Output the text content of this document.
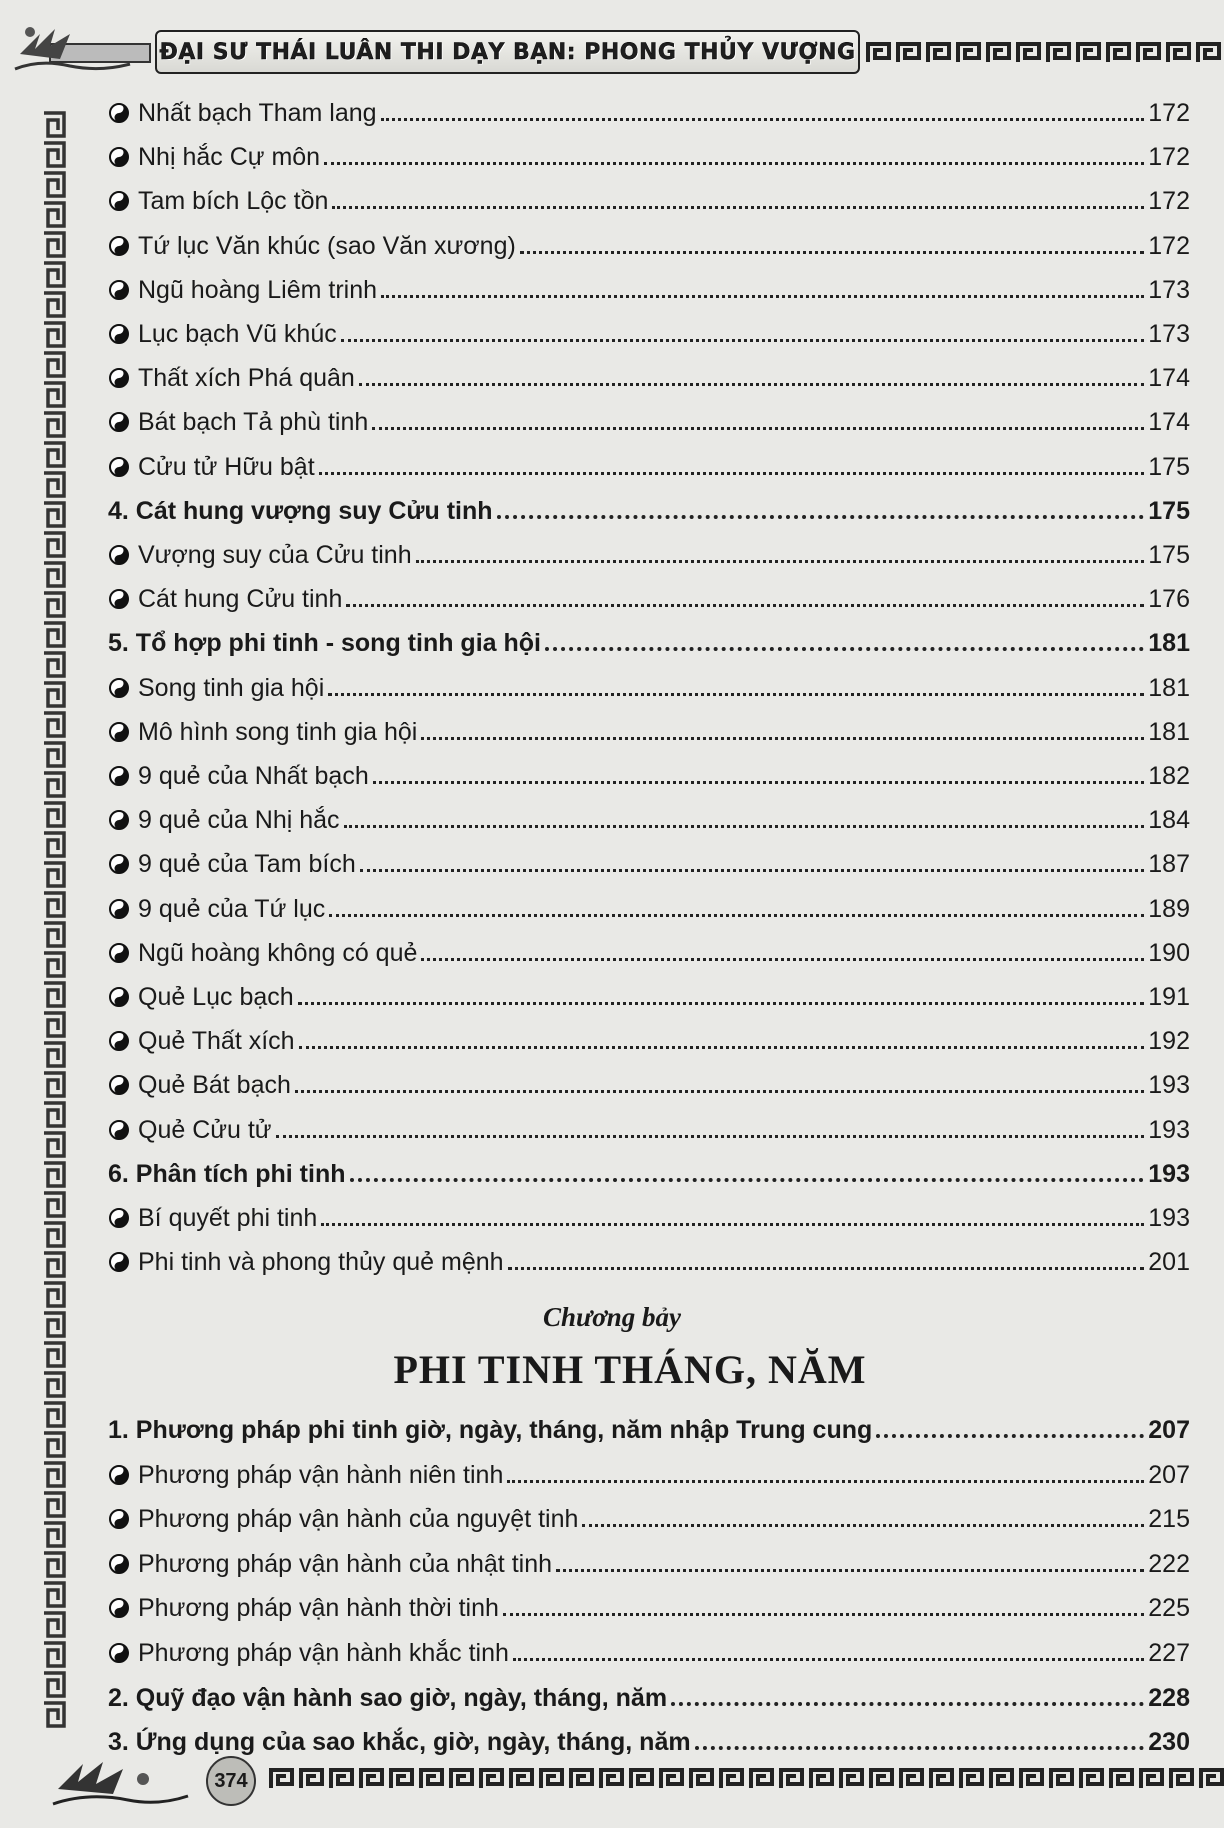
ĐẠI SƯ THÁI LUÂN THI DẠY BẠN: PHONG THỦY VƯỢNG
Nhất bạch Tham lang	172
Nhị hắc Cự môn	172
Tam bích Lộc tồn	172
Tứ lục Văn khúc (sao Văn xương)	172
Ngũ hoàng Liêm trinh	173
Lục bạch Vũ khúc	173
Thất xích Phá quân	174
Bát bạch Tả phù tinh	174
Cửu tử Hữu bật	175
4. Cát hung vượng suy Cửu tinh	175
Vượng suy của Cửu tinh	175
Cát hung Cửu tinh	176
5. Tổ hợp phi tinh - song tinh gia hội	181
Song tinh gia hội	181
Mô hình song tinh gia hội	181
9 quẻ của Nhất bạch	182
9 quẻ của Nhị hắc	184
9 quẻ của Tam bích	187
9 quẻ của Tứ lục	189
Ngũ hoàng không có quẻ	190
Quẻ Lục bạch	191
Quẻ Thất xích	192
Quẻ Bát bạch	193
Quẻ Cửu tử	193
6. Phân tích phi tinh	193
Bí quyết phi tinh	193
Phi tinh và phong thủy quẻ mệnh	201
Chương bảy
PHI TINH THÁNG, NĂM
1. Phương pháp phi tinh giờ, ngày, tháng, năm nhập Trung cung	207
Phương pháp vận hành niên tinh	207
Phương pháp vận hành của nguyệt tinh	215
Phương pháp vận hành của nhật tinh	222
Phương pháp vận hành thời tinh	225
Phương pháp vận hành khắc tinh	227
2. Quỹ đạo vận hành sao giờ, ngày, tháng, năm	228
3. Ứng dụng của sao khắc, giờ, ngày, tháng, năm	230
374
